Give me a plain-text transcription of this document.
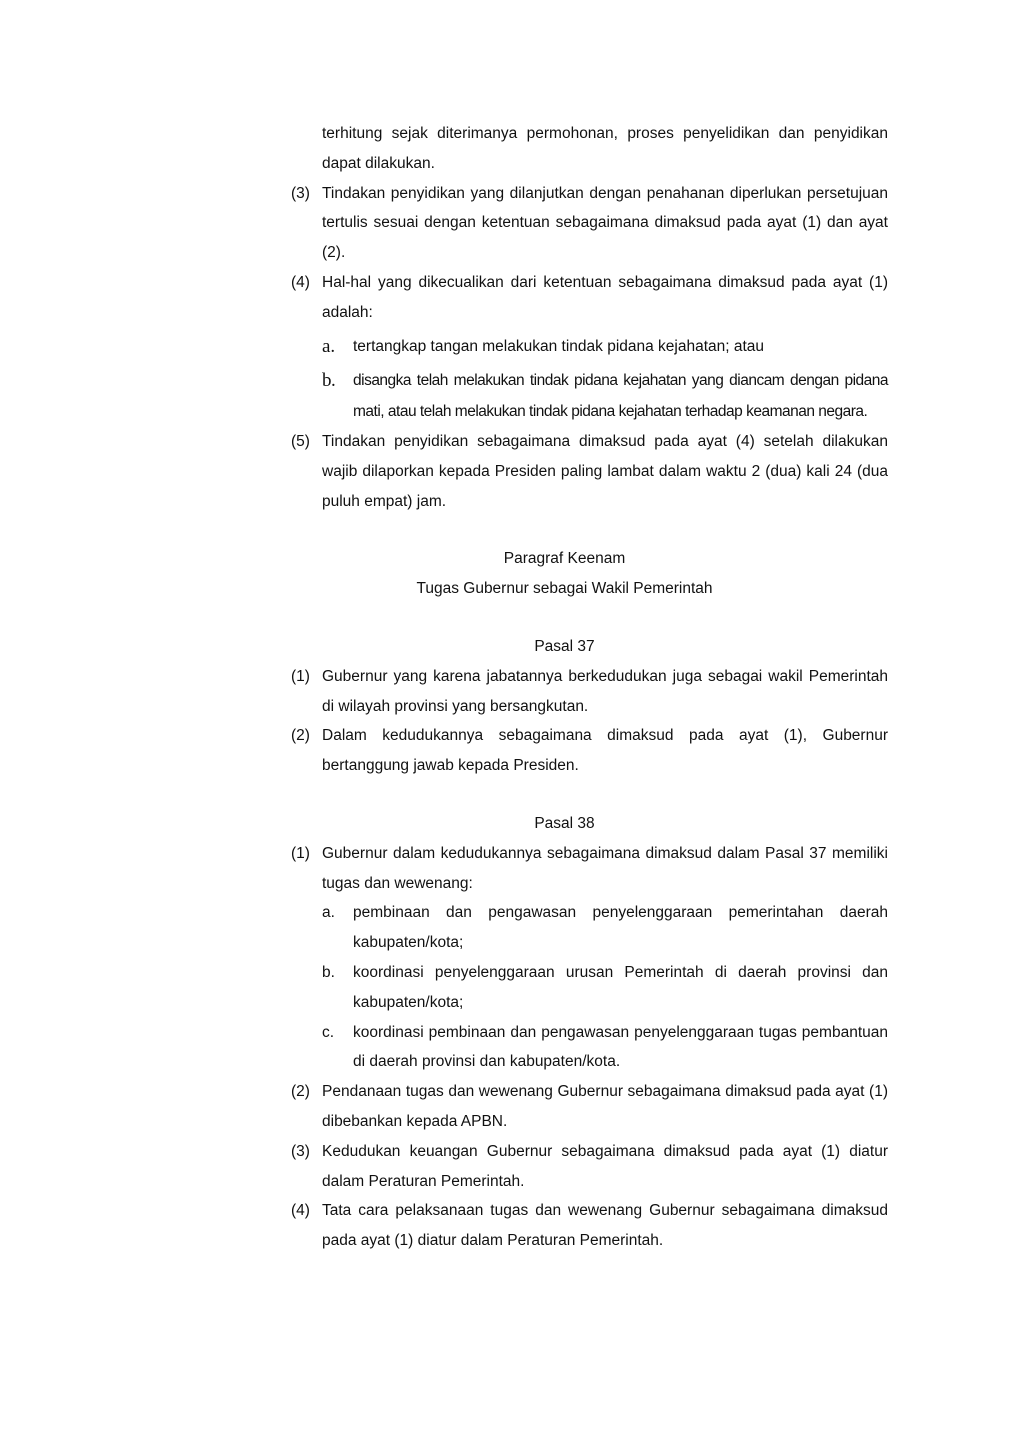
terhitung sejak diterimanya permohonan, proses penyelidikan dan penyidikan dapat dilakukan.
(3) Tindakan penyidikan yang dilanjutkan dengan penahanan diperlukan persetujuan tertulis sesuai dengan ketentuan sebagaimana dimaksud pada ayat (1) dan ayat (2).
(4) Hal-hal yang dikecualikan dari ketentuan sebagaimana dimaksud pada ayat (1) adalah:
a. tertangkap tangan melakukan tindak pidana kejahatan; atau
b. disangka telah melakukan tindak pidana kejahatan yang diancam dengan pidana mati, atau telah melakukan tindak pidana kejahatan terhadap keamanan negara.
(5) Tindakan penyidikan sebagaimana dimaksud pada ayat (4) setelah dilakukan wajib dilaporkan kepada Presiden paling lambat dalam waktu 2 (dua) kali 24 (dua puluh empat) jam.
Paragraf Keenam
Tugas Gubernur sebagai Wakil Pemerintah
Pasal 37
(1) Gubernur yang karena jabatannya berkedudukan juga sebagai wakil Pemerintah di wilayah provinsi yang bersangkutan.
(2) Dalam kedudukannya sebagaimana dimaksud pada ayat (1), Gubernur bertanggung jawab kepada Presiden.
Pasal 38
(1) Gubernur dalam kedudukannya sebagaimana dimaksud dalam Pasal 37 memiliki tugas dan wewenang:
a. pembinaan dan pengawasan penyelenggaraan pemerintahan daerah kabupaten/kota;
b. koordinasi penyelenggaraan urusan Pemerintah di daerah provinsi dan kabupaten/kota;
c. koordinasi pembinaan dan pengawasan penyelenggaraan tugas pembantuan di daerah provinsi dan kabupaten/kota.
(2) Pendanaan tugas dan wewenang Gubernur sebagaimana dimaksud pada ayat (1) dibebankan kepada APBN.
(3) Kedudukan keuangan Gubernur sebagaimana dimaksud pada ayat (1) diatur dalam Peraturan Pemerintah.
(4) Tata cara pelaksanaan tugas dan wewenang Gubernur sebagaimana dimaksud pada ayat (1) diatur dalam Peraturan Pemerintah.
